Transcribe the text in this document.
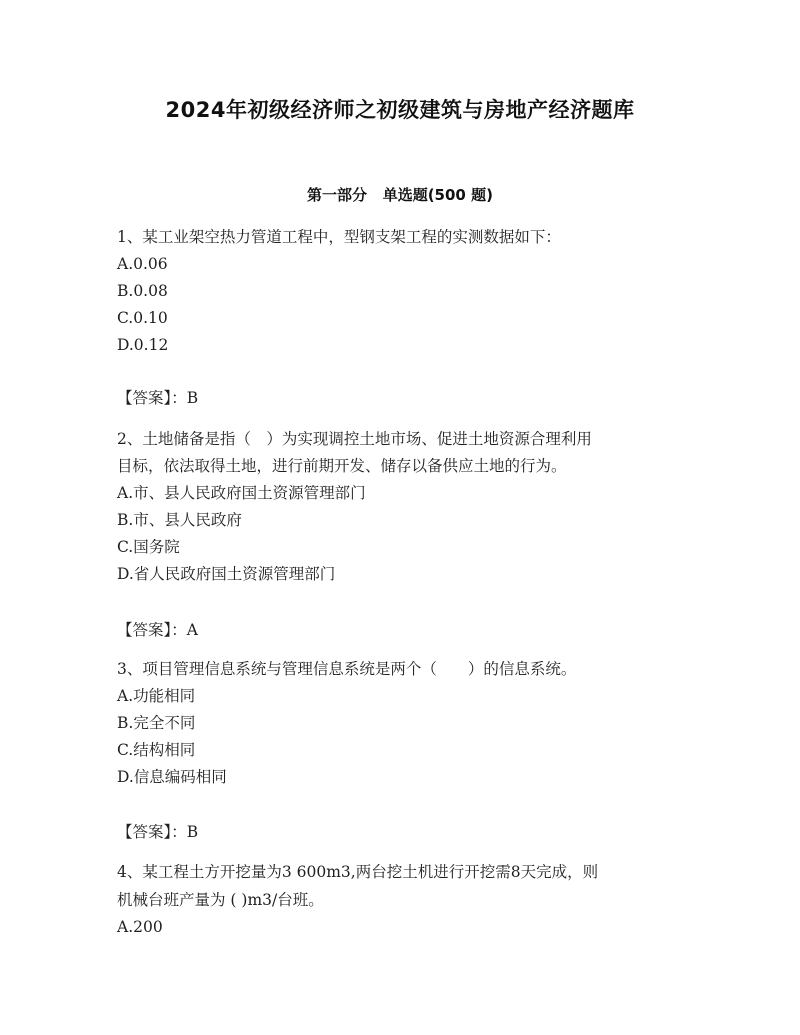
2024年初级经济师之初级建筑与房地产经济题库
第一部分   单选题(500 题)
1、某工业架空热力管道工程中，型钢支架工程的实测数据如下：
A.0.06
B.0.08
C.0.10
D.0.12
【答案】：B
2、土地储备是指（　）为实现调控土地市场、促进土地资源合理利用
目标，依法取得土地，进行前期开发、储存以备供应土地的行为。
A.市、县人民政府国土资源管理部门
B.市、县人民政府
C.国务院
D.省人民政府国土资源管理部门
【答案】：A
3、项目管理信息系统与管理信息系统是两个（　　）的信息系统。
A.功能相同
B.完全不同
C.结构相同
D.信息编码相同
【答案】：B
4、某工程土方开挖量为3 600m3,两台挖土机进行开挖需8天完成，则
机械台班产量为 ( )m3/台班。
A.200
